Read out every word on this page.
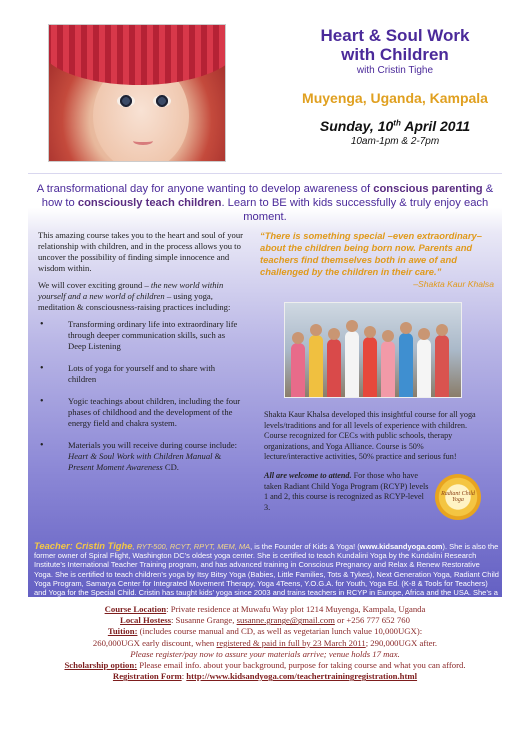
Heart & Soul Work
with Children
with Cristin Tighe
Muyenga, Uganda, Kampala
Sunday, 10th April 2011
10am-1pm & 2-7pm
A transformational day for anyone wanting to develop awareness of conscious parenting & how to consciously teach children. Learn to BE with kids successfully & truly enjoy each moment.

This amazing course takes you to the heart and soul of your relationship with children, and in the process allows you to uncover the possibility of finding simple innocence and wisdom within.

We will cover exciting ground – the new world within yourself and a new world of children – using yoga, meditation & consciousness-raising practices including:

• Transforming ordinary life into extraordinary life through deeper communication skills, such as Deep Listening
• Lots of yoga for yourself and to share with children
• Yogic teachings about children, including the four phases of childhood and the development of the energy field and chakra system.
• Materials you will receive during course include: Heart & Soul Work with Children Manual & Present Moment Awareness CD.
“There is something special –even extraordinary– about the children being born now. Parents and teachers find themselves both in awe of and challenged by the children in their care.”
–Shakta Kaur Khalsa
Shakta Kaur Khalsa developed this insightful course for all yoga levels/traditions and for all levels of experience with children. Course recognized for CECs with public schools, therapy organizations, and Yoga Alliance. Course is 50% lecture/interactive activities, 50% practice and serious fun!
All are welcome to attend. For those who have taken Radiant Child Yoga Program (RCYP) levels 1 and 2, this course is recognized as RCYP-level 3.
Radiant Child Yoga
Teacher: Cristin Tighe, RYT-500, RCYT, RPYT, MEM, MA, is the Founder of Kids & Yoga! (www.kidsandyoga.com). She is also the former owner of Spiral Flight, Washington DC’s oldest yoga center. She is certified to teach Kundalini Yoga by the Kundalini Research Institute’s International Teacher Training program, and has advanced training in Conscious Pregnancy and Relax & Renew Restorative Yoga. She is certified to teach children’s yoga by Itsy Bitsy Yoga (Babies, Little Families, Tots & Tykes), Next Generation Yoga, Radiant Child Yoga Program, Samarya Center for Integrated Movement Therapy, Yoga 4Teens, Y.O.G.A. for Youth, Yoga Ed. (K-8 & Tools for Teachers) and Yoga for the Special Child. Cristin has taught kids’ yoga since 2003 and trains teachers in RCYP in Europe, Africa and the USA. She’s a Yoga Alliance Registered Teacher and International Kundalini Yoga Teachers Association member.
Course Location: Private residence at Muwafu Way plot 1214 Muyenga, Kampala, Uganda
Local Hostess: Susanne Grange, susanne.grange@gmail.com or +256 777 652 760
Tuition: (includes course manual and CD, as well as vegetarian lunch value 10,000UGX):
260,000UGX early discount, when registered & paid in full by 23 March 2011; 290,000UGX after.
Please register/pay now to assure your materials arrive; venue holds 17 max.
Scholarship option: Please email info. about your background, purpose for taking course and what you can afford.
Registration Form: http://www.kidsandyoga.com/teachertrainingregistration.html
